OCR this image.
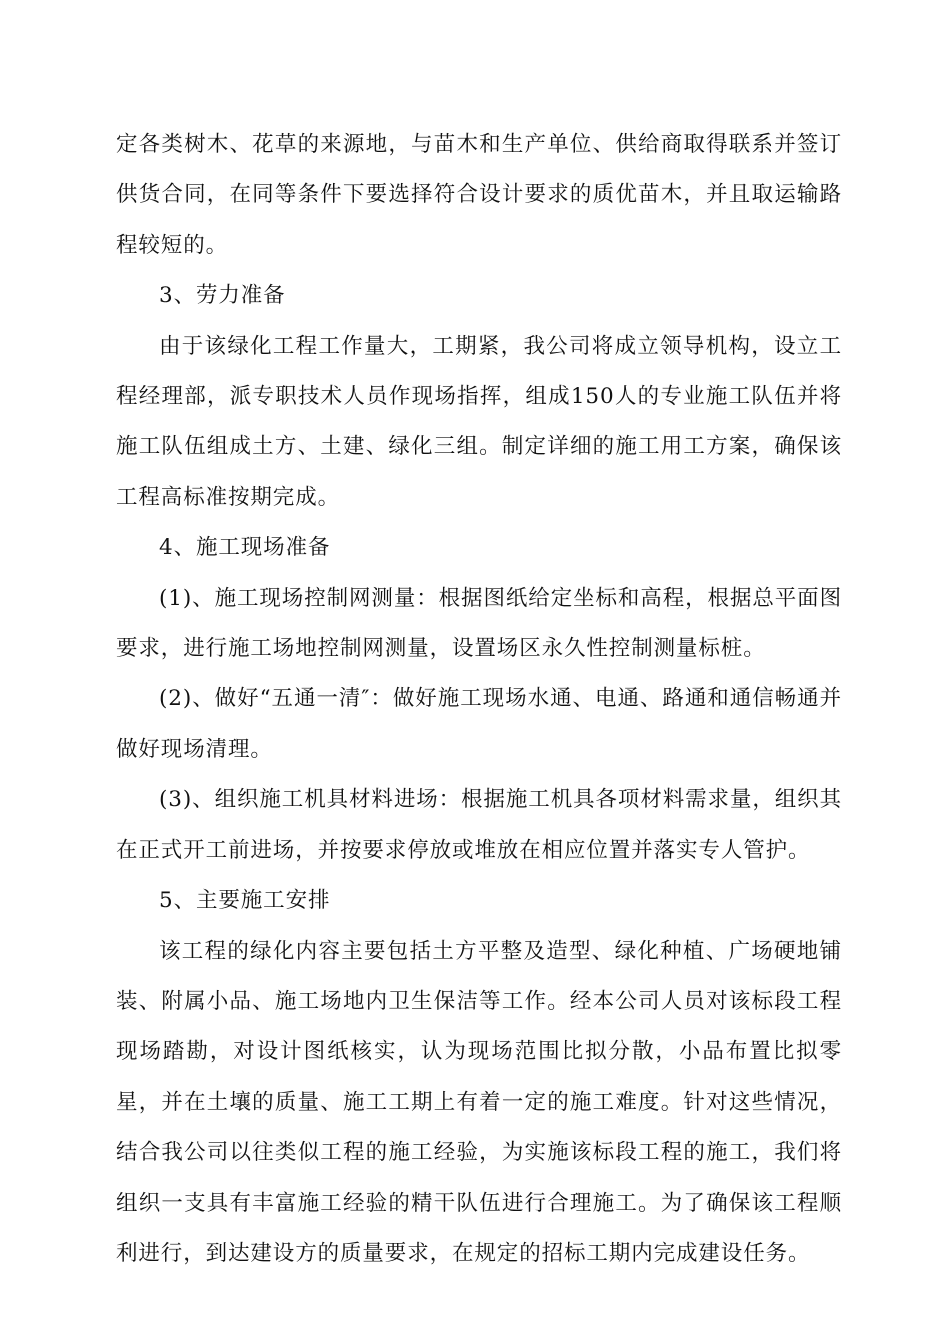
定各类树木、花草的来源地，与苗木和生产单位、供给商取得联系并签订供货合同，在同等条件下要选择符合设计要求的质优苗木，并且取运输路程较短的。

3、劳力准备

由于该绿化工程工作量大，工期紧，我公司将成立领导机构，设立工程经理部，派专职技术人员作现场指挥，组成150人的专业施工队伍并将施工队伍组成土方、土建、绿化三组。制定详细的施工用工方案，确保该工程高标准按期完成。

4、施工现场准备

(1)、施工现场控制网测量：根据图纸给定坐标和高程，根据总平面图要求，进行施工场地控制网测量，设置场区永久性控制测量标桩。

(2)、做好“五通一清″：做好施工现场水通、电通、路通和通信畅通并做好现场清理。

(3)、组织施工机具材料进场：根据施工机具各项材料需求量，组织其在正式开工前进场，并按要求停放或堆放在相应位置并落实专人管护。

5、主要施工安排

该工程的绿化内容主要包括土方平整及造型、绿化种植、广场硬地铺装、附属小品、施工场地内卫生保洁等工作。经本公司人员对该标段工程现场踏勘，对设计图纸核实，认为现场范围比拟分散，小品布置比拟零星，并在土壤的质量、施工工期上有着一定的施工难度。针对这些情况，结合我公司以往类似工程的施工经验，为实施该标段工程的施工，我们将组织一支具有丰富施工经验的精干队伍进行合理施工。为了确保该工程顺利进行，到达建设方的质量要求，在规定的招标工期内完成建设任务。
